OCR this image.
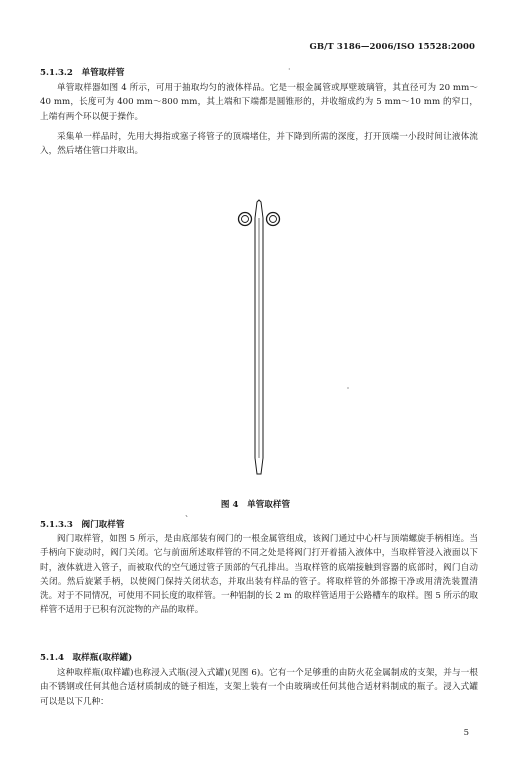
GB/T 3186—2006/ISO 15528:2000
5.1.3.2　单管取样管

单管取样器如图 4 所示，可用于抽取均匀的液体样品。它是一根金属管或厚壁玻璃管，其直径可为 20 mm～40 mm，长度可为 400 mm～800 mm，其上端和下端都是圆锥形的，并收缩成约为 5 mm～10 mm 的窄口，上端有两个环以便于操作。

采集单一样品时，先用大拇指或塞子将管子的顶端堵住，并下降到所需的深度，打开顶端一小段时间让液体流入，然后堵住管口并取出。

·
图 4　单管取样管
、
5.1.3.3　阀门取样管

阀门取样管，如图 5 所示，是由底部装有阀门的一根金属管组成，该阀门通过中心杆与顶端螺旋手柄相连。当手柄向下旋动时，阀门关闭。它与前面所述取样管的不同之处是将阀门打开着插入液体中，当取样管浸入液面以下时，液体就进入管子，而被取代的空气通过管子顶部的气孔排出。当取样管的底端接触到容器的底部时，阀门自动关闭。然后旋紧手柄，以使阀门保持关闭状态，并取出装有样品的管子。将取样管的外部擦干净或用清洗装置清洗。对于不同情况，可使用不同长度的取样管。一种铝制的长 2 m 的取样管适用于公路槽车的取样。图 5 所示的取样管不适用于已积有沉淀物的产品的取样。

5.1.4　取样瓶(取样罐)

这种取样瓶(取样罐)也称浸入式瓶(浸入式罐)(见图 6)。它有一个足够重的由防火花金属制成的支架，并与一根由不锈钢或任何其他合适材质制成的链子相连，支架上装有一个由玻璃或任何其他合适材料制成的瓶子。浸入式罐可以是以下几种：

5
